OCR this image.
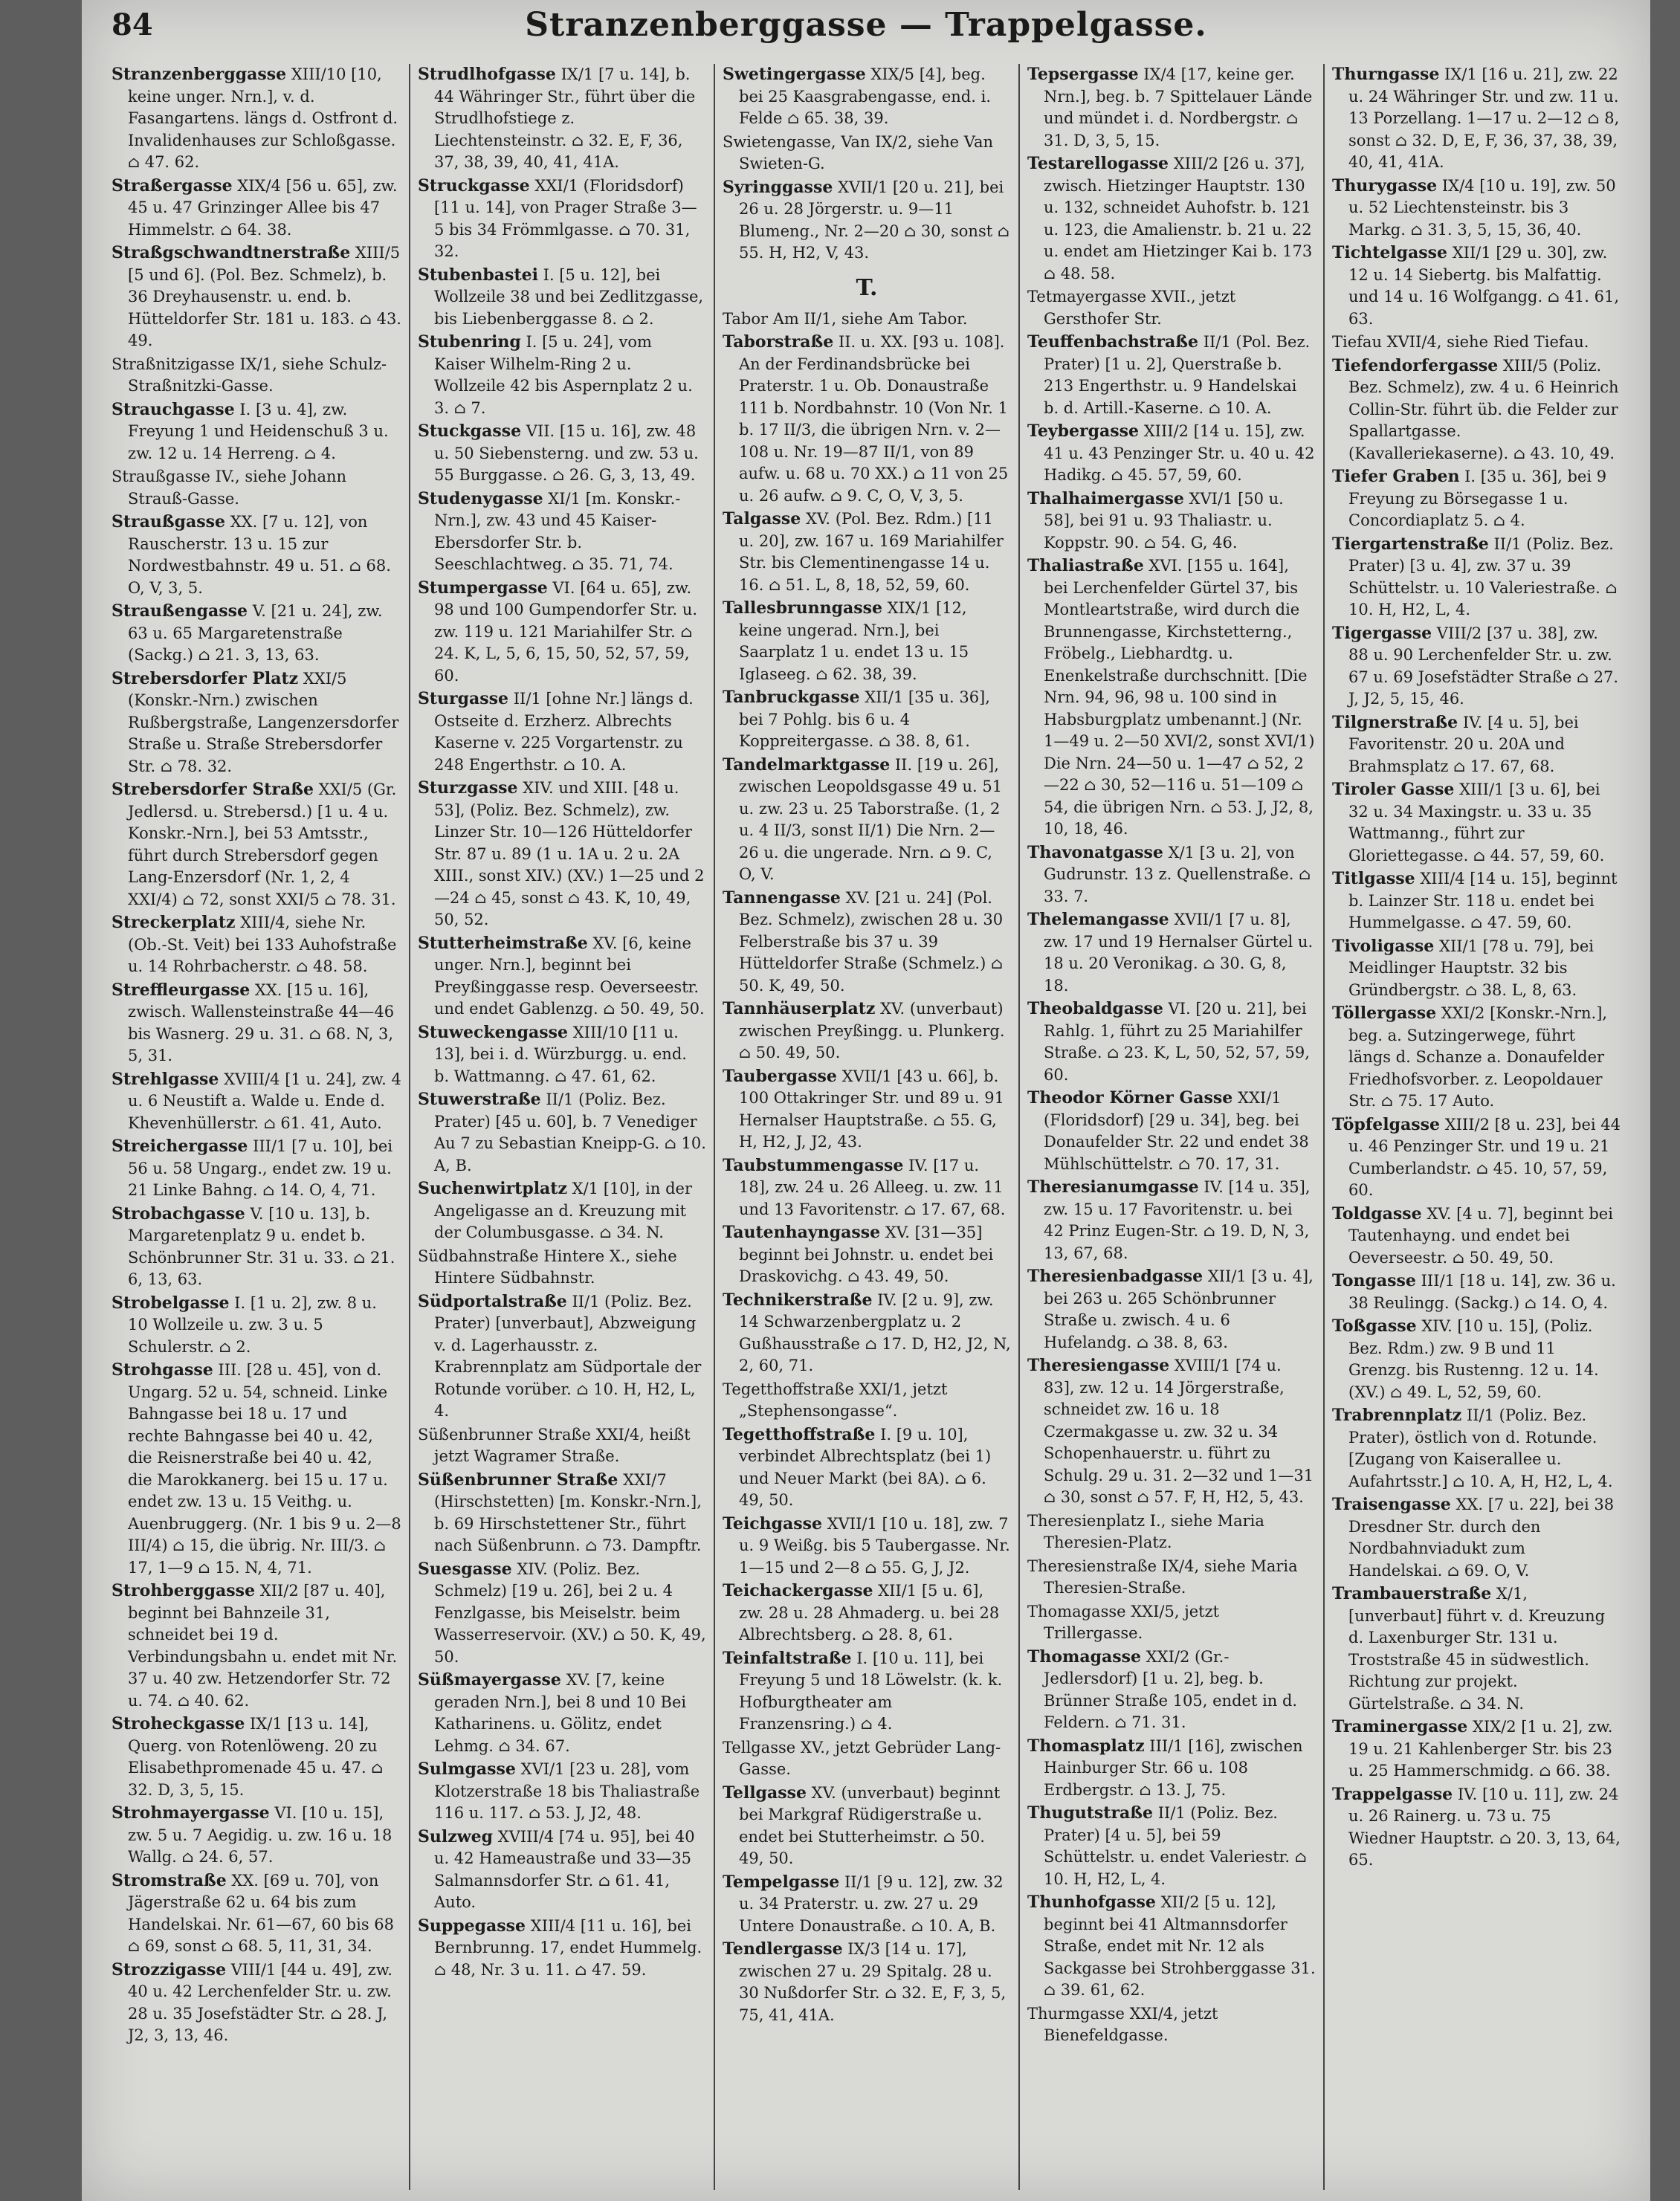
84	Stranzenberggasse — Trappelgasse.

Stranzenberggasse XIII/10 [10, keine unger. Nrn.], v. d. Fasangartens. längs d. Ostfront d. Invalidenhauses zur Schloßgasse. ⌂ 47. 62.

Straßergasse XIX/4 [56 u. 65], zw. 45 u. 47 Grinzinger Allee bis 47 Himmelstr. ⌂ 64. 38.

Straßgschwandtnerstraße XIII/5 [5 und 6]. (Pol. Bez. Schmelz), b. 36 Dreyhausenstr. u. end. b. Hütteldorfer Str. 181 u. 183. ⌂ 43. 49.

Straßnitzigasse IX/1, siehe Schulz-Straßnitzki-Gasse.

Strauchgasse I. [3 u. 4], zw. Freyung 1 und Heidenschuß 3 u. zw. 12 u. 14 Herreng. ⌂ 4.

Straußgasse IV., siehe Johann Strauß-Gasse.

Straußgasse XX. [7 u. 12], von Rauscherstr. 13 u. 15 zur Nordwestbahnstr. 49 u. 51. ⌂ 68. O, V, 3, 5.

Straußengasse V. [21 u. 24], zw. 63 u. 65 Margaretenstraße (Sackg.) ⌂ 21. 3, 13, 63.

Strebersdorfer Platz XXI/5 (Konskr.-Nrn.) zwischen Rußbergstraße, Langenzersdorfer Straße u. Straße Strebersdorfer Str. ⌂ 78. 32.

Strebersdorfer Straße XXI/5 (Gr. Jedlersd. u. Strebersd.) [1 u. 4 u. Konskr.-Nrn.], bei 53 Amtsstr., führt durch Strebersdorf gegen Lang-Enzersdorf (Nr. 1, 2, 4 XXI/4) ⌂ 72, sonst XXI/5 ⌂ 78. 31.

Streckerplatz XIII/4, siehe Nr. (Ob.-St. Veit) bei 133 Auhofstraße u. 14 Rohrbacherstr. ⌂ 48. 58.

Streffleurgasse XX. [15 u. 16], zwisch. Wallensteinstraße 44—46 bis Wasnerg. 29 u. 31. ⌂ 68. N, 3, 5, 31.

Strehlgasse XVIII/4 [1 u. 24], zw. 4 u. 6 Neustift a. Walde u. Ende d. Khevenhüllerstr. ⌂ 61. 41, Auto.

Streichergasse III/1 [7 u. 10], bei 56 u. 58 Ungarg., endet zw. 19 u. 21 Linke Bahng. ⌂ 14. O, 4, 71.

Strobachgasse V. [10 u. 13], b. Margaretenplatz 9 u. endet b. Schönbrunner Str. 31 u. 33. ⌂ 21. 6, 13, 63.

Strobelgasse I. [1 u. 2], zw. 8 u. 10 Wollzeile u. zw. 3 u. 5 Schulerstr. ⌂ 2.

Strohgasse III. [28 u. 45], von d. Ungarg. 52 u. 54, schneid. Linke Bahngasse bei 18 u. 17 und rechte Bahngasse bei 40 u. 42, die Reisnerstraße bei 40 u. 42, die Marokkanerg. bei 15 u. 17 u. endet zw. 13 u. 15 Veithg. u. Auenbruggerg. (Nr. 1 bis 9 u. 2—8 III/4) ⌂ 15, die übrig. Nr. III/3. ⌂ 17, 1—9 ⌂ 15. N, 4, 71.

Strohberggasse XII/2 [87 u. 40], beginnt bei Bahnzeile 31, schneidet bei 19 d. Verbindungsbahn u. endet mit Nr. 37 u. 40 zw. Hetzendorfer Str. 72 u. 74. ⌂ 40. 62.

Stroheckgasse IX/1 [13 u. 14], Querg. von Rotenlöweng. 20 zu Elisabethpromenade 45 u. 47. ⌂ 32. D, 3, 5, 15.

Strohmayergasse VI. [10 u. 15], zw. 5 u. 7 Aegidig. u. zw. 16 u. 18 Wallg. ⌂ 24. 6, 57.

Stromstraße XX. [69 u. 70], von Jägerstraße 62 u. 64 bis zum Handelskai. Nr. 61—67, 60 bis 68 ⌂ 69, sonst ⌂ 68. 5, 11, 31, 34.

Strozzigasse VIII/1 [44 u. 49], zw. 40 u. 42 Lerchenfelder Str. u. zw. 28 u. 35 Josefstädter Str. ⌂ 28. J, J2, 3, 13, 46.

Strudlhofgasse IX/1 [7 u. 14], b. 44 Währinger Str., führt über die Strudlhofstiege z. Liechtensteinstr. ⌂ 32. E, F, 36, 37, 38, 39, 40, 41, 41A.

Struckgasse XXI/1 (Floridsdorf) [11 u. 14], von Prager Straße 3—5 bis 34 Frömmlgasse. ⌂ 70. 31, 32.

Stubenbastei I. [5 u. 12], bei Wollzeile 38 und bei Zedlitzgasse, bis Liebenberggasse 8. ⌂ 2.

Stubenring I. [5 u. 24], vom Kaiser Wilhelm-Ring 2 u. Wollzeile 42 bis Aspernplatz 2 u. 3. ⌂ 7.

Stuckgasse VII. [15 u. 16], zw. 48 u. 50 Siebensterng. und zw. 53 u. 55 Burggasse. ⌂ 26. G, 3, 13, 49.

Studenygasse XI/1 [m. Konskr.-Nrn.], zw. 43 und 45 Kaiser-Ebersdorfer Str. b. Seeschlachtweg. ⌂ 35. 71, 74.

Stumpergasse VI. [64 u. 65], zw. 98 und 100 Gumpendorfer Str. u. zw. 119 u. 121 Mariahilfer Str. ⌂ 24. K, L, 5, 6, 15, 50, 52, 57, 59, 60.

Sturgasse II/1 [ohne Nr.] längs d. Ostseite d. Erzherz. Albrechts Kaserne v. 225 Vorgartenstr. zu 248 Engerthstr. ⌂ 10. A.

Sturzgasse XIV. und XIII. [48 u. 53], (Poliz. Bez. Schmelz), zw. Linzer Str. 10—126 Hütteldorfer Str. 87 u. 89 (1 u. 1A u. 2 u. 2A XIII., sonst XIV.) (XV.) 1—25 und 2—24 ⌂ 45, sonst ⌂ 43. K, 10, 49, 50, 52.

Stutterheimstraße XV. [6, keine unger. Nrn.], beginnt bei Preyßinggasse resp. Oeverseestr. und endet Gablenzg. ⌂ 50. 49, 50.

Stuweckengasse XIII/10 [11 u. 13], bei i. d. Würzburgg. u. end. b. Wattmanng. ⌂ 47. 61, 62.

Stuwerstraße II/1 (Poliz. Bez. Prater) [45 u. 60], b. 7 Venediger Au 7 zu Sebastian Kneipp-G. ⌂ 10. A, B.

Suchenwirtplatz X/1 [10], in der Angeligasse an d. Kreuzung mit der Columbusgasse. ⌂ 34. N.

Südbahnstraße Hintere X., siehe Hintere Südbahnstr.

Südportalstraße II/1 (Poliz. Bez. Prater) [unverbaut], Abzweigung v. d. Lagerhausstr. z. Krabrennplatz am Südportale der Rotunde vorüber. ⌂ 10. H, H2, L, 4.

Süßenbrunner Straße XXI/4, heißt jetzt Wagramer Straße.

Süßenbrunner Straße XXI/7 (Hirschstetten) [m. Konskr.-Nrn.], b. 69 Hirschstettener Str., führt nach Süßenbrunn. ⌂ 73. Dampftr.

Suesgasse XIV. (Poliz. Bez. Schmelz) [19 u. 26], bei 2 u. 4 Fenzlgasse, bis Meiselstr. beim Wasserreservoir. (XV.) ⌂ 50. K, 49, 50.

Süßmayergasse XV. [7, keine geraden Nrn.], bei 8 und 10 Bei Katharinens. u. Gölitz, endet Lehmg. ⌂ 34. 67.

Sulmgasse XVI/1 [23 u. 28], vom Klotzerstraße 18 bis Thaliastraße 116 u. 117. ⌂ 53. J, J2, 48.

Sulzweg XVIII/4 [74 u. 95], bei 40 u. 42 Hameaustraße und 33—35 Salmannsdorfer Str. ⌂ 61. 41, Auto.

Suppegasse XIII/4 [11 u. 16], bei Bernbrunng. 17, endet Hummelg. ⌂ 48, Nr. 3 u. 11. ⌂ 47. 59.

Swetingergasse XIX/5 [4], beg. bei 25 Kaasgrabengasse, end. i. Felde ⌂ 65. 38, 39.

Swietengasse, Van IX/2, siehe Van Swieten-G.

Syringgasse XVII/1 [20 u. 21], bei 26 u. 28 Jörgerstr. u. 9—11 Blumeng., Nr. 2—20 ⌂ 30, sonst ⌂ 55. H, H2, V, 43.

T.

Tabor Am II/1, siehe Am Tabor.

Taborstraße II. u. XX. [93 u. 108]. An der Ferdinandsbrücke bei Praterstr. 1 u. Ob. Donaustraße 111 b. Nordbahnstr. 10 (Von Nr. 1 b. 17 II/3, die übrigen Nrn. v. 2—108 u. Nr. 19—87 II/1, von 89 aufw. u. 68 u. 70 XX.) ⌂ 11 von 25 u. 26 aufw. ⌂ 9. C, O, V, 3, 5.

Talgasse XV. (Pol. Bez. Rdm.) [11 u. 20], zw. 167 u. 169 Mariahilfer Str. bis Clementinengasse 14 u. 16. ⌂ 51. L, 8, 18, 52, 59, 60.

Tallesbrunngasse XIX/1 [12, keine ungerad. Nrn.], bei Saarplatz 1 u. endet 13 u. 15 Iglaseeg. ⌂ 62. 38, 39.

Tanbruckgasse XII/1 [35 u. 36], bei 7 Pohlg. bis 6 u. 4 Koppreitergasse. ⌂ 38. 8, 61.

Tandelmarktgasse II. [19 u. 26], zwischen Leopoldsgasse 49 u. 51 u. zw. 23 u. 25 Taborstraße. (1, 2 u. 4 II/3, sonst II/1) Die Nrn. 2—26 u. die ungerade. Nrn. ⌂ 9. C, O, V.

Tannengasse XV. [21 u. 24] (Pol. Bez. Schmelz), zwischen 28 u. 30 Felberstraße bis 37 u. 39 Hütteldorfer Straße (Schmelz.) ⌂ 50. K, 49, 50.

Tannhäuserplatz XV. (unverbaut) zwischen Preyßingg. u. Plunkerg. ⌂ 50. 49, 50.

Taubergasse XVII/1 [43 u. 66], b. 100 Ottakringer Str. und 89 u. 91 Hernalser Hauptstraße. ⌂ 55. G, H, H2, J, J2, 43.

Taubstummengasse IV. [17 u. 18], zw. 24 u. 26 Alleeg. u. zw. 11 und 13 Favoritenstr. ⌂ 17. 67, 68.

Tautenhayngasse XV. [31—35] beginnt bei Johnstr. u. endet bei Draskovichg. ⌂ 43. 49, 50.

Technikerstraße IV. [2 u. 9], zw. 14 Schwarzenbergplatz u. 2 Gußhausstraße ⌂ 17. D, H2, J2, N, 2, 60, 71.

Tegetthoffstraße XXI/1, jetzt „Stephensongasse“.

Tegetthoffstraße I. [9 u. 10], verbindet Albrechtsplatz (bei 1) und Neuer Markt (bei 8A). ⌂ 6. 49, 50.

Teichgasse XVII/1 [10 u. 18], zw. 7 u. 9 Weißg. bis 5 Taubergasse. Nr. 1—15 und 2—8 ⌂ 55. G, J, J2.

Teichackergasse XII/1 [5 u. 6], zw. 28 u. 28 Ahmaderg. u. bei 28 Albrechtsberg. ⌂ 28. 8, 61.

Teinfaltstraße I. [10 u. 11], bei Freyung 5 und 18 Löwelstr. (k. k. Hofburgtheater am Franzensring.) ⌂ 4.

Tellgasse XV., jetzt Gebrüder Lang-Gasse.

Tellgasse XV. (unverbaut) beginnt bei Markgraf Rüdigerstraße u. endet bei Stutterheimstr. ⌂ 50. 49, 50.

Tempelgasse II/1 [9 u. 12], zw. 32 u. 34 Praterstr. u. zw. 27 u. 29 Untere Donaustraße. ⌂ 10. A, B.

Tendlergasse IX/3 [14 u. 17], zwischen 27 u. 29 Spitalg. 28 u. 30 Nußdorfer Str. ⌂ 32. E, F, 3, 5, 75, 41, 41A.

Tepsergasse IX/4 [17, keine ger. Nrn.], beg. b. 7 Spittelauer Lände und mündet i. d. Nordbergstr. ⌂ 31. D, 3, 5, 15.

Testarellogasse XIII/2 [26 u. 37], zwisch. Hietzinger Hauptstr. 130 u. 132, schneidet Auhofstr. b. 121 u. 123, die Amalienstr. b. 21 u. 22 u. endet am Hietzinger Kai b. 173 ⌂ 48. 58.

Tetmayergasse XVII., jetzt Gersthofer Str.

Teuffenbachstraße II/1 (Pol. Bez. Prater) [1 u. 2], Querstraße b. 213 Engerthstr. u. 9 Handelskai b. d. Artill.-Kaserne. ⌂ 10. A.

Teybergasse XIII/2 [14 u. 15], zw. 41 u. 43 Penzinger Str. u. 40 u. 42 Hadikg. ⌂ 45. 57, 59, 60.

Thalhaimergasse XVI/1 [50 u. 58], bei 91 u. 93 Thaliastr. u. Koppstr. 90. ⌂ 54. G, 46.

Thaliastraße XVI. [155 u. 164], bei Lerchenfelder Gürtel 37, bis Montleartstraße, wird durch die Brunnengasse, Kirchstetterng., Fröbelg., Liebhardtg. u. Enenkelstraße durchschnitt. [Die Nrn. 94, 96, 98 u. 100 sind in Habsburgplatz umbenannt.] (Nr. 1—49 u. 2—50 XVI/2, sonst XVI/1) Die Nrn. 24—50 u. 1—47 ⌂ 52, 2—22 ⌂ 30, 52—116 u. 51—109 ⌂ 54, die übrigen Nrn. ⌂ 53. J, J2, 8, 10, 18, 46.

Thavonatgasse X/1 [3 u. 2], von Gudrunstr. 13 z. Quellenstraße. ⌂ 33. 7.

Thelemangasse XVII/1 [7 u. 8], zw. 17 und 19 Hernalser Gürtel u. 18 u. 20 Veronikag. ⌂ 30. G, 8, 18.

Theobaldgasse VI. [20 u. 21], bei Rahlg. 1, führt zu 25 Mariahilfer Straße. ⌂ 23. K, L, 50, 52, 57, 59, 60.

Theodor Körner Gasse XXI/1 (Floridsdorf) [29 u. 34], beg. bei Donaufelder Str. 22 und endet 38 Mühlschüttelstr. ⌂ 70. 17, 31.

Theresianumgasse IV. [14 u. 35], zw. 15 u. 17 Favoritenstr. u. bei 42 Prinz Eugen-Str. ⌂ 19. D, N, 3, 13, 67, 68.

Theresienbadgasse XII/1 [3 u. 4], bei 263 u. 265 Schönbrunner Straße u. zwisch. 4 u. 6 Hufelandg. ⌂ 38. 8, 63.

Theresiengasse XVIII/1 [74 u. 83], zw. 12 u. 14 Jörgerstraße, schneidet zw. 16 u. 18 Czermakgasse u. zw. 32 u. 34 Schopenhauerstr. u. führt zu Schulg. 29 u. 31. 2—32 und 1—31 ⌂ 30, sonst ⌂ 57. F, H, H2, 5, 43.

Theresienplatz I., siehe Maria Theresien-Platz.

Theresienstraße IX/4, siehe Maria Theresien-Straße.

Thomagasse XXI/5, jetzt Trillergasse.

Thomagasse XXI/2 (Gr.-Jedlersdorf) [1 u. 2], beg. b. Brünner Straße 105, endet in d. Feldern. ⌂ 71. 31.

Thomasplatz III/1 [16], zwischen Hainburger Str. 66 u. 108 Erdbergstr. ⌂ 13. J, 75.

Thugutstraße II/1 (Poliz. Bez. Prater) [4 u. 5], bei 59 Schüttelstr. u. endet Valeriestr. ⌂ 10. H, H2, L, 4.

Thunhofgasse XII/2 [5 u. 12], beginnt bei 41 Altmannsdorfer Straße, endet mit Nr. 12 als Sackgasse bei Strohberggasse 31. ⌂ 39. 61, 62.

Thurmgasse XXI/4, jetzt Bienefeldgasse.

Thurngasse IX/1 [16 u. 21], zw. 22 u. 24 Währinger Str. und zw. 11 u. 13 Porzellang. 1—17 u. 2—12 ⌂ 8, sonst ⌂ 32. D, E, F, 36, 37, 38, 39, 40, 41, 41A.

Thurygasse IX/4 [10 u. 19], zw. 50 u. 52 Liechtensteinstr. bis 3 Markg. ⌂ 31. 3, 5, 15, 36, 40.

Tichtelgasse XII/1 [29 u. 30], zw. 12 u. 14 Siebertg. bis Malfattig. und 14 u. 16 Wolfgangg. ⌂ 41. 61, 63.

Tiefau XVII/4, siehe Ried Tiefau.

Tiefendorfergasse XIII/5 (Poliz. Bez. Schmelz), zw. 4 u. 6 Heinrich Collin-Str. führt üb. die Felder zur Spallartgasse. (Kavalleriekaserne). ⌂ 43. 10, 49.

Tiefer Graben I. [35 u. 36], bei 9 Freyung zu Börsegasse 1 u. Concordiaplatz 5. ⌂ 4.

Tiergartenstraße II/1 (Poliz. Bez. Prater) [3 u. 4], zw. 37 u. 39 Schüttelstr. u. 10 Valeriestraße. ⌂ 10. H, H2, L, 4.

Tigergasse VIII/2 [37 u. 38], zw. 88 u. 90 Lerchenfelder Str. u. zw. 67 u. 69 Josefstädter Straße ⌂ 27. J, J2, 5, 15, 46.

Tilgnerstraße IV. [4 u. 5], bei Favoritenstr. 20 u. 20A und Brahmsplatz ⌂ 17. 67, 68.

Tiroler Gasse XIII/1 [3 u. 6], bei 32 u. 34 Maxingstr. u. 33 u. 35 Wattmanng., führt zur Gloriettegasse. ⌂ 44. 57, 59, 60.

Titlgasse XIII/4 [14 u. 15], beginnt b. Lainzer Str. 118 u. endet bei Hummelgasse. ⌂ 47. 59, 60.

Tivoligasse XII/1 [78 u. 79], bei Meidlinger Hauptstr. 32 bis Gründbergstr. ⌂ 38. L, 8, 63.

Töllergasse XXI/2 [Konskr.-Nrn.], beg. a. Sutzingerwege, führt längs d. Schanze a. Donaufelder Friedhofsvorber. z. Leopoldauer Str. ⌂ 75. 17 Auto.

Töpfelgasse XIII/2 [8 u. 23], bei 44 u. 46 Penzinger Str. und 19 u. 21 Cumberlandstr. ⌂ 45. 10, 57, 59, 60.

Toldgasse XV. [4 u. 7], beginnt bei Tautenhayng. und endet bei Oeverseestr. ⌂ 50. 49, 50.

Tongasse III/1 [18 u. 14], zw. 36 u. 38 Reulingg. (Sackg.) ⌂ 14. O, 4.

Toßgasse XIV. [10 u. 15], (Poliz. Bez. Rdm.) zw. 9 B und 11 Grenzg. bis Rustenng. 12 u. 14. (XV.) ⌂ 49. L, 52, 59, 60.

Trabrennplatz II/1 (Poliz. Bez. Prater), östlich von d. Rotunde. [Zugang von Kaiserallee u. Aufahrtsstr.] ⌂ 10. A, H, H2, L, 4.

Traisengasse XX. [7 u. 22], bei 38 Dresdner Str. durch den Nordbahnviadukt zum Handelskai. ⌂ 69. O, V.

Trambauerstraße X/1, [unverbaut] führt v. d. Kreuzung d. Laxenburger Str. 131 u. Troststraße 45 in südwestlich. Richtung zur projekt. Gürtelstraße. ⌂ 34. N.

Traminergasse XIX/2 [1 u. 2], zw. 19 u. 21 Kahlenberger Str. bis 23 u. 25 Hammerschmidg. ⌂ 66. 38.

Trappelgasse IV. [10 u. 11], zw. 24 u. 26 Rainerg. u. 73 u. 75 Wiedner Hauptstr. ⌂ 20. 3, 13, 64, 65.
